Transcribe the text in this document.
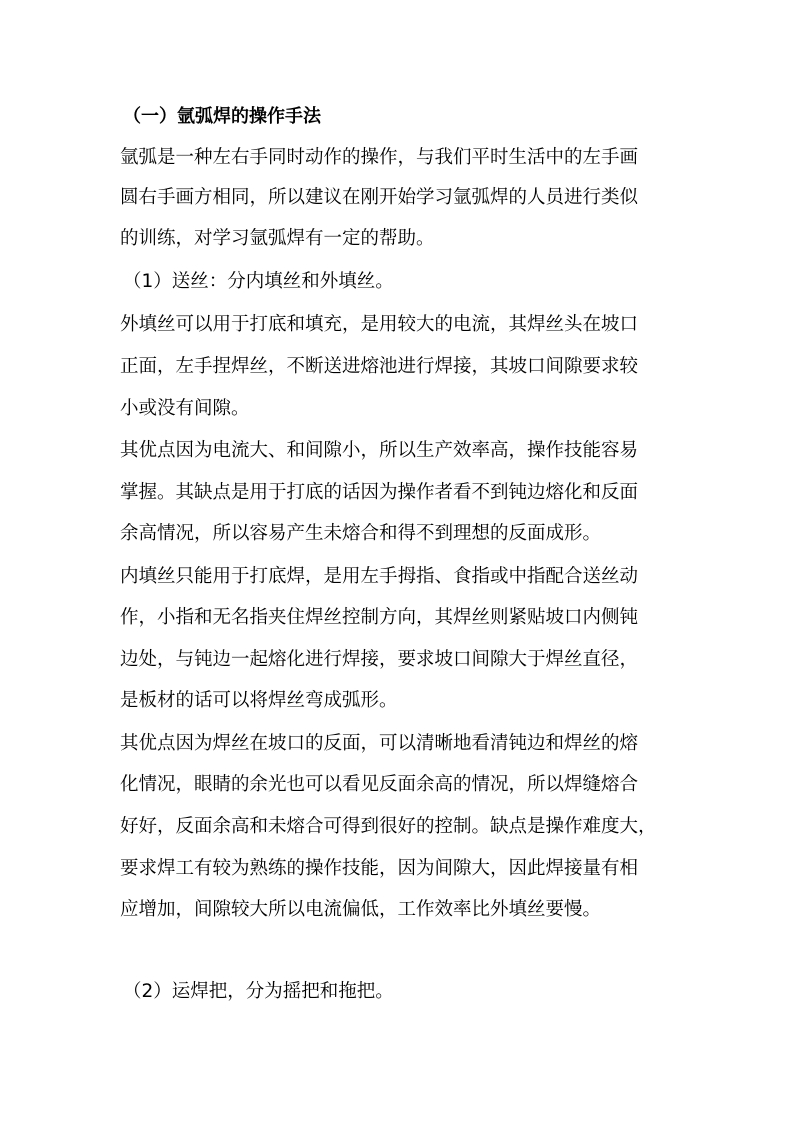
（一）氩弧焊的操作手法

氩弧是一种左右手同时动作的操作，与我们平时生活中的左手画

圆右手画方相同，所以建议在刚开始学习氩弧焊的人员进行类似

的训练，对学习氩弧焊有一定的帮助。

（1）送丝：分内填丝和外填丝。

外填丝可以用于打底和填充，是用较大的电流，其焊丝头在坡口

正面，左手捏焊丝，不断送进熔池进行焊接，其坡口间隙要求较

小或没有间隙。

其优点因为电流大、和间隙小，所以生产效率高，操作技能容易

掌握。其缺点是用于打底的话因为操作者看不到钝边熔化和反面

余高情况，所以容易产生未熔合和得不到理想的反面成形。

内填丝只能用于打底焊，是用左手拇指、食指或中指配合送丝动

作，小指和无名指夹住焊丝控制方向，其焊丝则紧贴坡口内侧钝

边处，与钝边一起熔化进行焊接，要求坡口间隙大于焊丝直径，

是板材的话可以将焊丝弯成弧形。

其优点因为焊丝在坡口的反面，可以清晰地看清钝边和焊丝的熔

化情况，眼睛的余光也可以看见反面余高的情况，所以焊缝熔合

好好，反面余高和未熔合可得到很好的控制。缺点是操作难度大，

要求焊工有较为熟练的操作技能，因为间隙大，因此焊接量有相

应增加，间隙较大所以电流偏低，工作效率比外填丝要慢。

（2）运焊把，分为摇把和拖把。
